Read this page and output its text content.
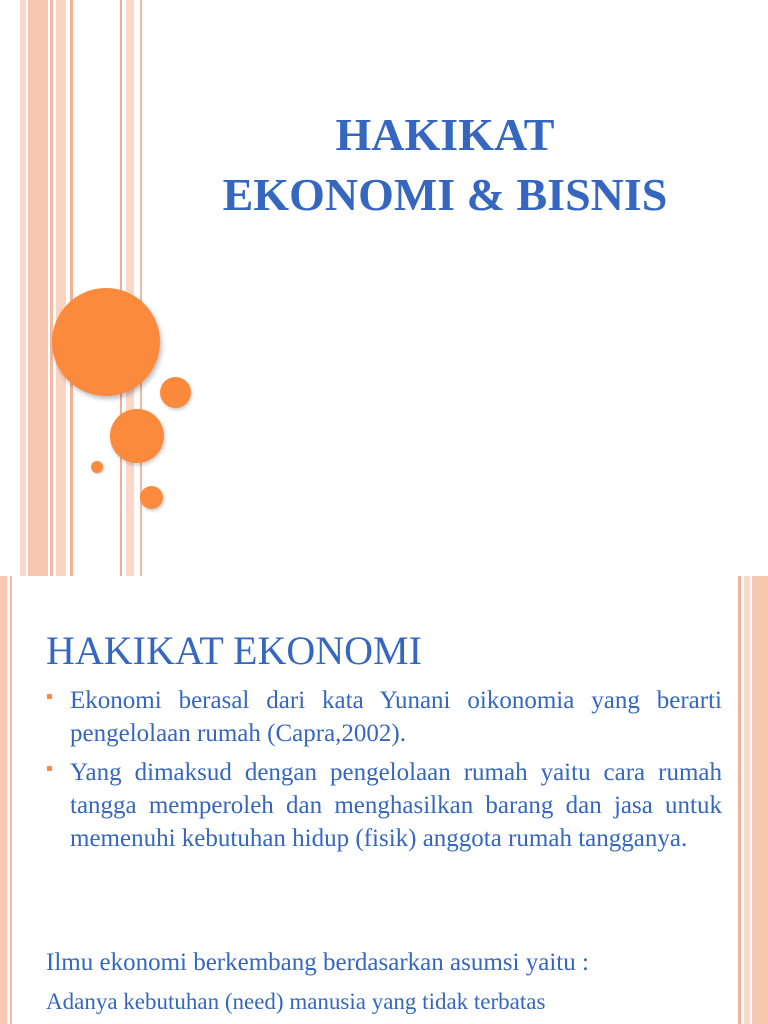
HAKIKAT
EKONOMI & BISNIS
HAKIKAT EKONOMI
Ekonomi berasal dari kata Yunani oikonomia yang berarti pengelolaan rumah (Capra,2002).
Yang dimaksud dengan pengelolaan rumah yaitu cara rumah tangga memperoleh dan menghasilkan barang dan jasa untuk memenuhi kebutuhan hidup (fisik) anggota rumah tangganya.

Ilmu ekonomi berkembang berdasarkan asumsi yaitu :

Adanya kebutuhan (need) manusia yang tidak terbatas
